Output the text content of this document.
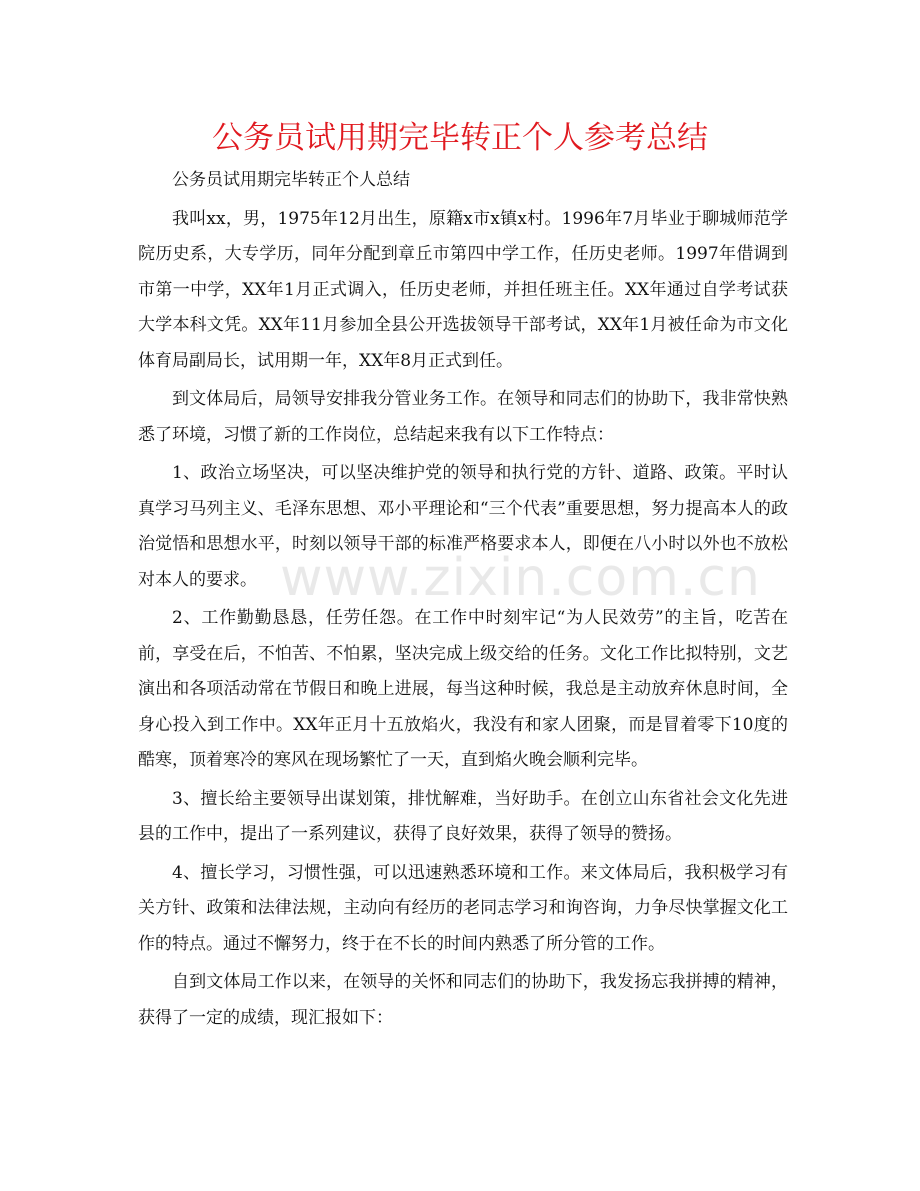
www.zixin.com.cn
公务员试用期完毕转正个人参考总结

公务员试用期完毕转正个人总结

我叫xx，男，1975年12月出生，原籍x市x镇x村。1996年7月毕业于聊城师范学院历史系，大专学历，同年分配到章丘市第四中学工作，任历史老师。1997年借调到市第一中学，XX年1月正式调入，任历史老师，并担任班主任。XX年通过自学考试获大学本科文凭。XX年11月参加全县公开选拔领导干部考试，XX年1月被任命为市文化体育局副局长，试用期一年，XX年8月正式到任。

到文体局后，局领导安排我分管业务工作。在领导和同志们的协助下，我非常快熟悉了环境，习惯了新的工作岗位，总结起来我有以下工作特点：

1、政治立场坚决，可以坚决维护党的领导和执行党的方针、道路、政策。平时认真学习马列主义、毛泽东思想、邓小平理论和“三个代表”重要思想，努力提高本人的政治觉悟和思想水平，时刻以领导干部的标准严格要求本人，即便在八小时以外也不放松对本人的要求。

2、工作勤勤恳恳，任劳任怨。在工作中时刻牢记“为人民效劳”的主旨，吃苦在前，享受在后，不怕苦、不怕累，坚决完成上级交给的任务。文化工作比拟特别，文艺演出和各项活动常在节假日和晚上进展，每当这种时候，我总是主动放弃休息时间，全身心投入到工作中。XX年正月十五放焰火，我没有和家人团聚，而是冒着零下10度的酷寒，顶着寒冷的寒风在现场繁忙了一天，直到焰火晚会顺利完毕。

3、擅长给主要领导出谋划策，排忧解难，当好助手。在创立山东省社会文化先进县的工作中，提出了一系列建议，获得了良好效果，获得了领导的赞扬。

4、擅长学习，习惯性强，可以迅速熟悉环境和工作。来文体局后，我积极学习有关方针、政策和法律法规，主动向有经历的老同志学习和询咨询，力争尽快掌握文化工作的特点。通过不懈努力，终于在不长的时间内熟悉了所分管的工作。

自到文体局工作以来，在领导的关怀和同志们的协助下，我发扬忘我拼搏的精神，获得了一定的成绩，现汇报如下：
